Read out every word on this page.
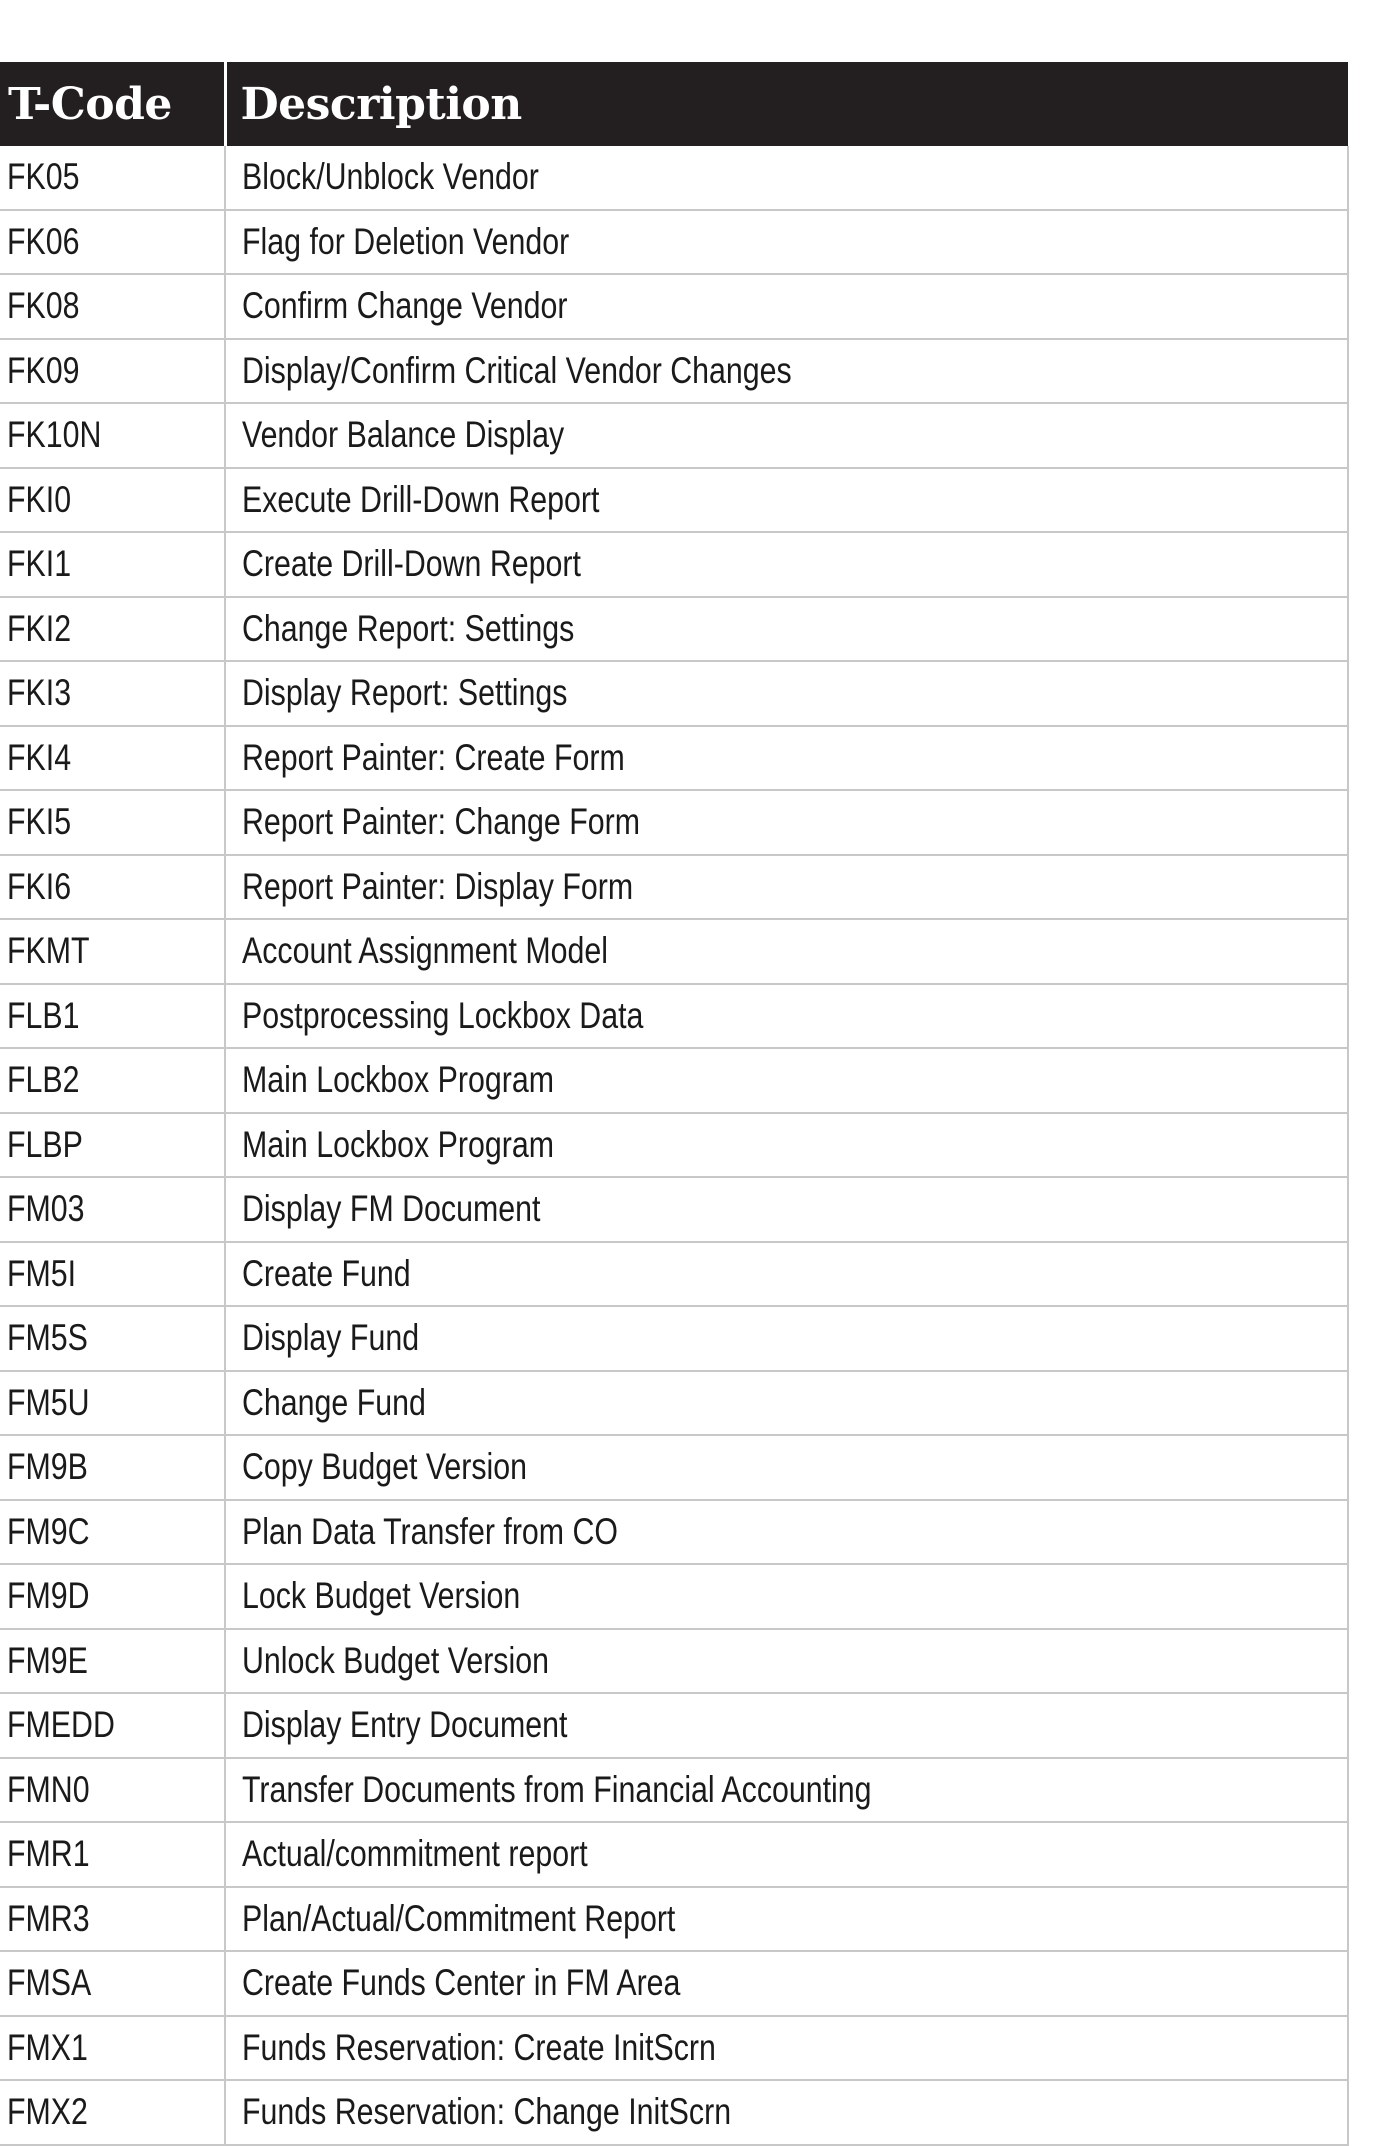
T-Code	Description
FK05	Block/Unblock Vendor
FK06	Flag for Deletion Vendor
FK08	Confirm Change Vendor
FK09	Display/Confirm Critical Vendor Changes
FK10N	Vendor Balance Display
FKI0	Execute Drill-Down Report
FKI1	Create Drill-Down Report
FKI2	Change Report: Settings
FKI3	Display Report: Settings
FKI4	Report Painter: Create Form
FKI5	Report Painter: Change Form
FKI6	Report Painter: Display Form
FKMT	Account Assignment Model
FLB1	Postprocessing Lockbox Data
FLB2	Main Lockbox Program
FLBP	Main Lockbox Program
FM03	Display FM Document
FM5I	Create Fund
FM5S	Display Fund
FM5U	Change Fund
FM9B	Copy Budget Version
FM9C	Plan Data Transfer from CO
FM9D	Lock Budget Version
FM9E	Unlock Budget Version
FMEDD	Display Entry Document
FMN0	Transfer Documents from Financial Accounting
FMR1	Actual/commitment report
FMR3	Plan/Actual/Commitment Report
FMSA	Create Funds Center in FM Area
FMX1	Funds Reservation: Create InitScrn
FMX2	Funds Reservation: Change InitScrn
